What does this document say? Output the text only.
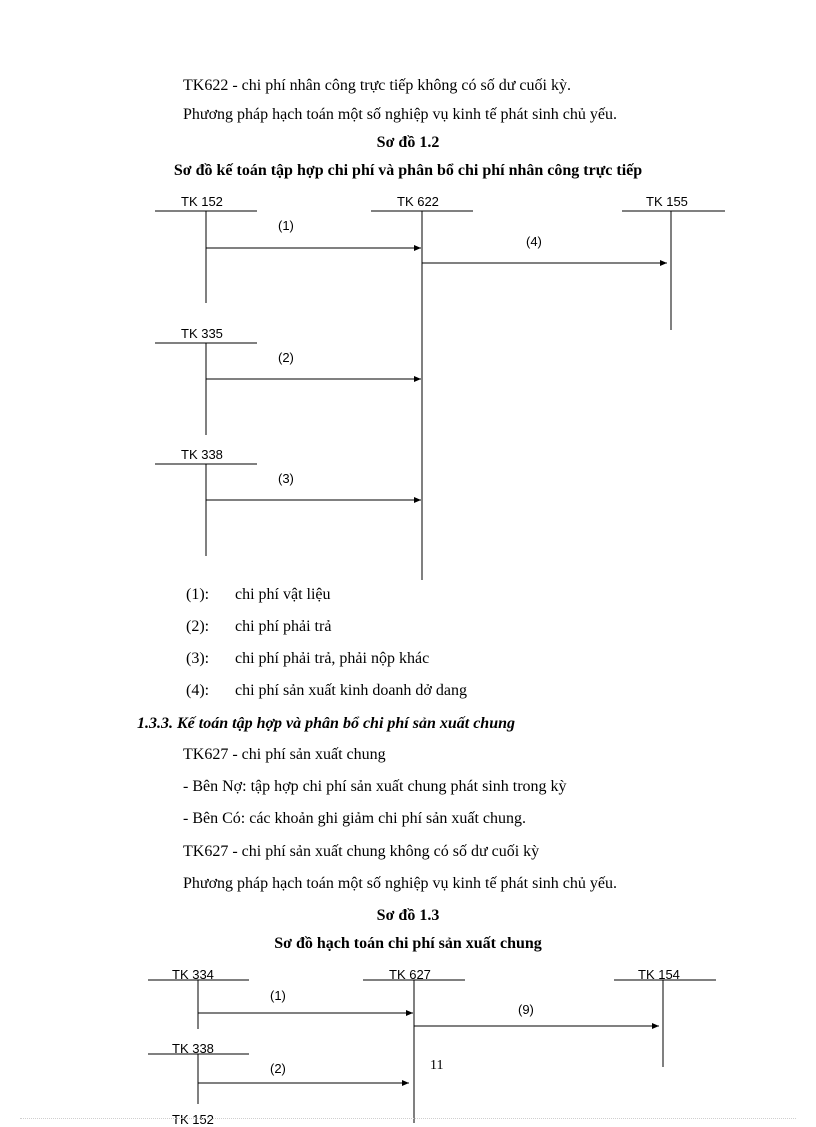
TK622 - chi phí nhân công trực tiếp không có số dư cuối kỳ.
Phương pháp hạch toán một số nghiệp vụ kinh tế phát sinh chủ yếu.
Sơ đồ 1.2
Sơ đồ kế toán tập hợp chi phí và phân bổ chi phí nhân công trực tiếp
TK 152	TK 622	TK 155
(1)
(4)
TK 335
(2)
TK 338
(3)
(1): chi phí vật liệu
(2): chi phí phải trả
(3): chi phí phải trả, phải nộp khác
(4): chi phí sản xuất kinh doanh dở dang
1.3.3. Kế toán tập hợp và phân bổ chi phí sản xuất chung
TK627 - chi phí sản xuất chung
- Bên Nợ: tập hợp chi phí sản xuất chung phát sinh trong kỳ
- Bên Có: các khoản ghi giảm chi phí sản xuất chung.
TK627 - chi phí sản xuất chung không có số dư cuối kỳ
Phương pháp hạch toán một số nghiệp vụ kinh tế phát sinh chủ yếu.
Sơ đồ 1.3
Sơ đồ hạch toán chi phí sản xuất chung
TK 334	TK 627	TK 154
(1)
(9)
TK 338
(2)	11
TK 152
